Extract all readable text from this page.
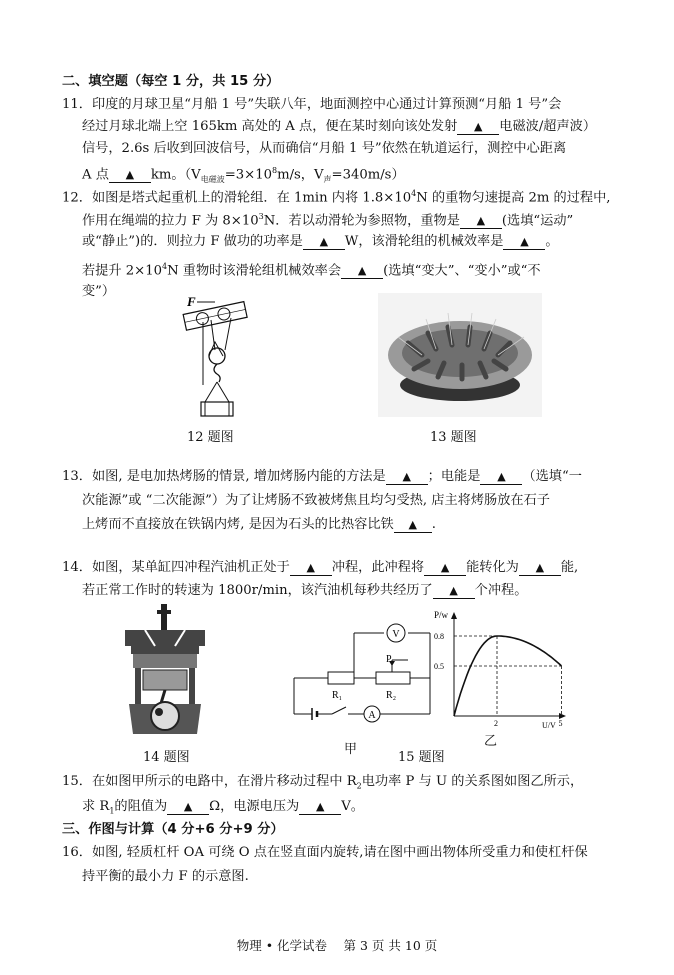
二、填空题（每空 1 分，共 15 分）
11．印度的月球卫星“月船 1 号”失联八年，地面测控中心通过计算预测“月船 1 号”会
经过月球北端上空 165km 高处的 A 点，便在某时刻向该处发射 ▲ 电磁波/超声波）
信号，2.6s 后收到回波信号，从而确信“月船 1 号”依然在轨道运行，测控中心距离
A 点 ▲ km。（$V_{电磁波}=3\times 10^8m/s$，$V_声=340m/s$）
12．如图是塔式起重机上的滑轮组．在 1min 内将 $1.8\times 10^4N$ 的重物匀速提高 2m 的过程中,
作用在绳端的拉力 F 为 $8\times 10^3N$．若以动滑轮为参照物，重物是 ▲ (选填“运动”
或“静止”)的．则拉力 F 做功的功率是 ▲ W，该滑轮组的机械效率是 ▲ 。
若提升 $2\times 10^4N$ 重物时该滑轮组机械效率会 ▲ (选填“变大”、“变小”或“不
变”）
F
12 题图	13 题图
13．如图, 是电加热烤肠的情景, 增加烤肠内能的方法是 ▲ ；电能是 ▲ （选填“一
次能源”或 “二次能源”）为了让烤肠不致被烤焦且均匀受热, 店主将烤肠放在石子
上烤而不直接放在铁锅内烤, 是因为石头的比热容比铁 ▲ .
14．如图，某单缸四冲程汽油机正处于 ▲ 冲程，此冲程将 ▲ 能转化为 ▲ 能,
若正常工作时的转速为 1800r/min，该汽油机每秒共经历了 ▲ 个冲程。
14 题图
V
A
P
R₁	R₂
甲
15 题图
P/w
U/V
2	5
0.8
0.5
乙
15．在如图甲所示的电路中，在滑片移动过程中 $R_2$电功率 P 与 U 的关系图如图乙所示，
求 $R_1$的阻值为 ▲ Ω，电源电压为 ▲ V。
三、作图与计算（4 分+6 分+9 分）
16．如图, 轻质杠杆 OA 可绕 O 点在竖直面内旋转,请在图中画出物体所受重力和使杠杆保
持平衡的最小力 F 的示意图.
物理 • 化学试卷　 第 3 页 共 10 页
